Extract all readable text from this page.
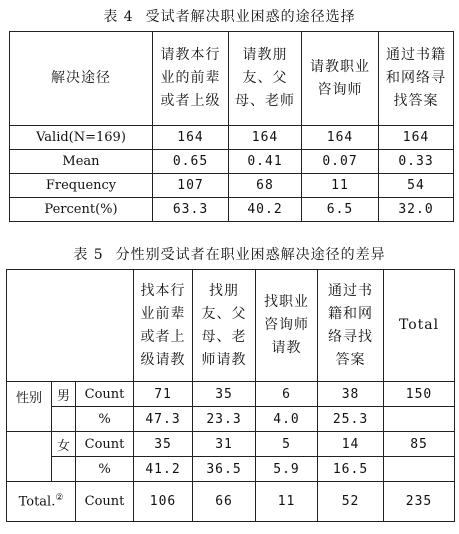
表 4 受试者解决职业困惑的途径选择
解决途径	请教本行业的前辈或者上级	请教朋友、父母、老师	请教职业咨询师	通过书籍和网络寻找答案
Valid(N=169)	164	164	164	164
Mean	0.65	0.41	0.07	0.33
Frequency	107	68	11	54
Percent(%)	63.3	40.2	6.5	32.0
表 5 分性别受试者在职业困惑解决途径的差异
			找本行业前辈或者上级请教	找朋友、父母、老师请教	找职业咨询师请教	通过书籍和网络寻找答案	Total
性别	男	Count	71	35	6	38	150
		%	47.3	23.3	4.0	25.3	
	女	Count	35	31	5	14	85
		%	41.2	36.5	5.9	16.5	
Total.②		Count	106	66	11	52	235
